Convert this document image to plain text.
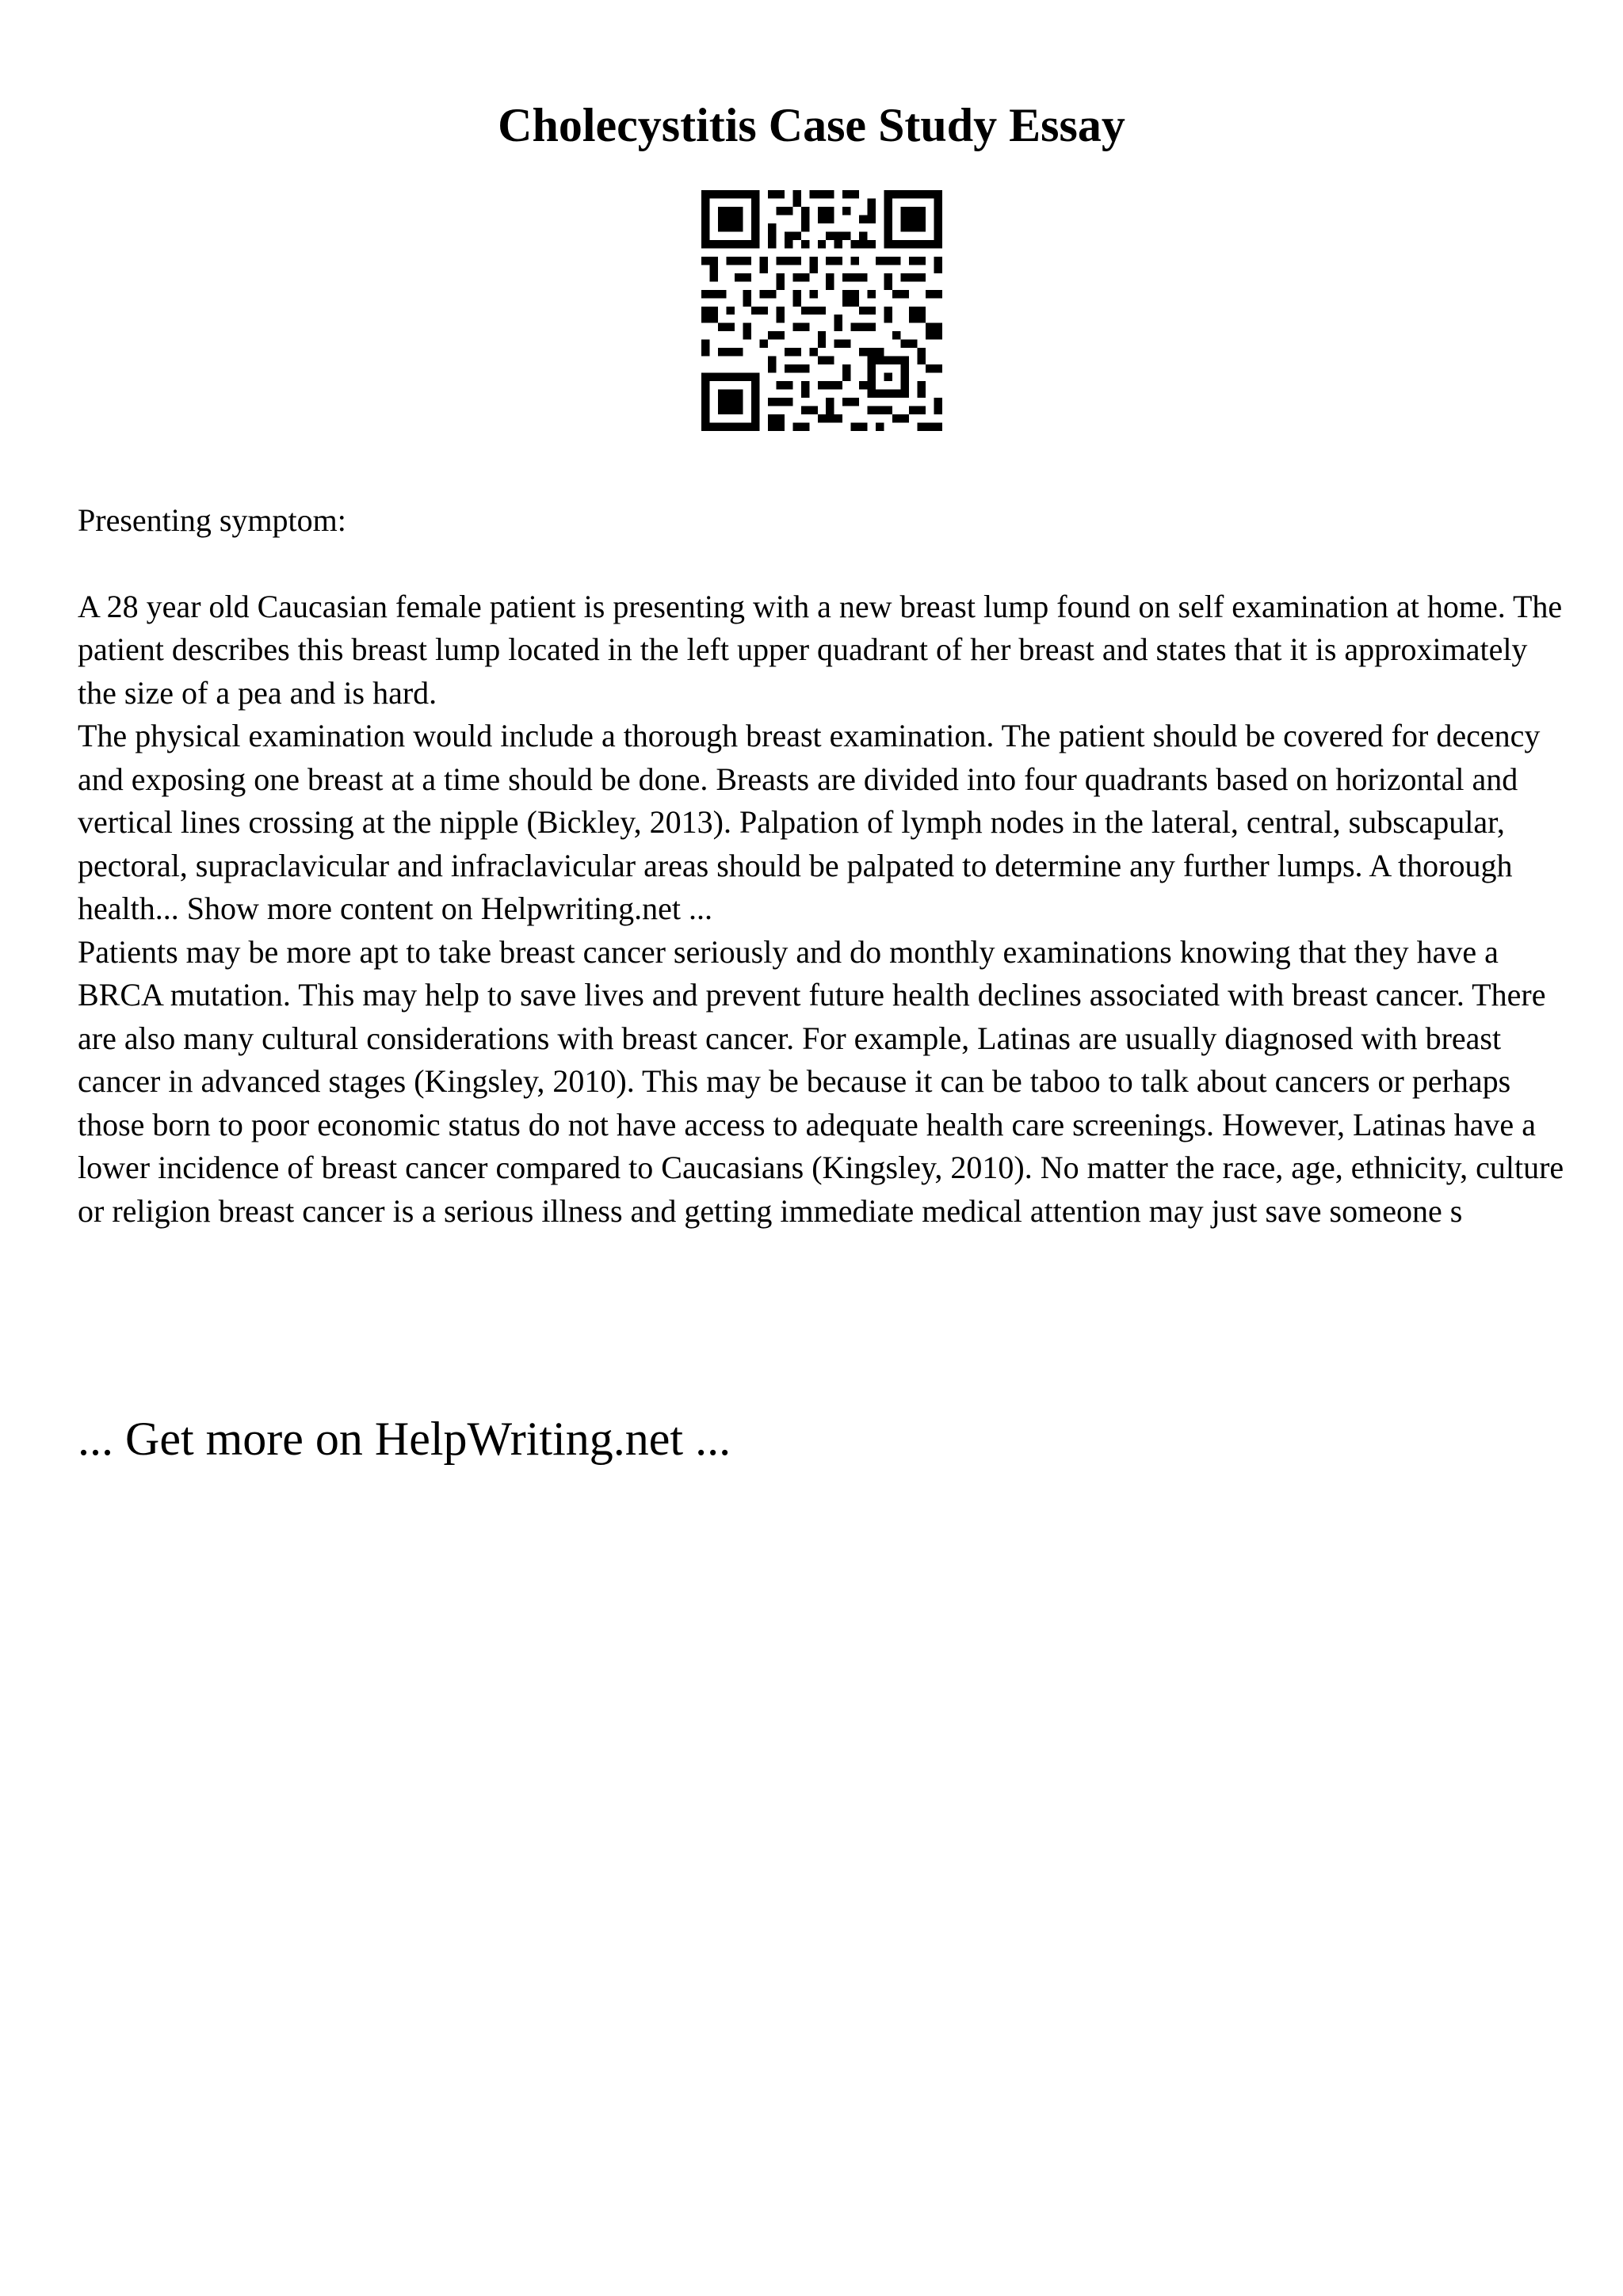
Cholecystitis Case Study Essay

Presenting symptom:

A 28 year old Caucasian female patient is presenting with a new breast lump found on self examination at home. The patient describes this breast lump located in the left upper quadrant of her breast and states that it is approximately the size of a pea and is hard.

The physical examination would include a thorough breast examination. The patient should be covered for decency and exposing one breast at a time should be done. Breasts are divided into four quadrants based on horizontal and vertical lines crossing at the nipple (Bickley, 2013). Palpation of lymph nodes in the lateral, central, subscapular, pectoral, supraclavicular and infraclavicular areas should be palpated to determine any further lumps. A thorough health... Show more content on Helpwriting.net ...

Patients may be more apt to take breast cancer seriously and do monthly examinations knowing that they have a BRCA mutation. This may help to save lives and prevent future health declines associated with breast cancer. There are also many cultural considerations with breast cancer. For example, Latinas are usually diagnosed with breast cancer in advanced stages (Kingsley, 2010). This may be because it can be taboo to talk about cancers or perhaps those born to poor economic status do not have access to adequate health care screenings. However, Latinas have a lower incidence of breast cancer compared to Caucasians (Kingsley, 2010). No matter the race, age, ethnicity, culture or religion breast cancer is a serious illness and getting immediate medical attention may just save someone s

... Get more on HelpWriting.net ...
